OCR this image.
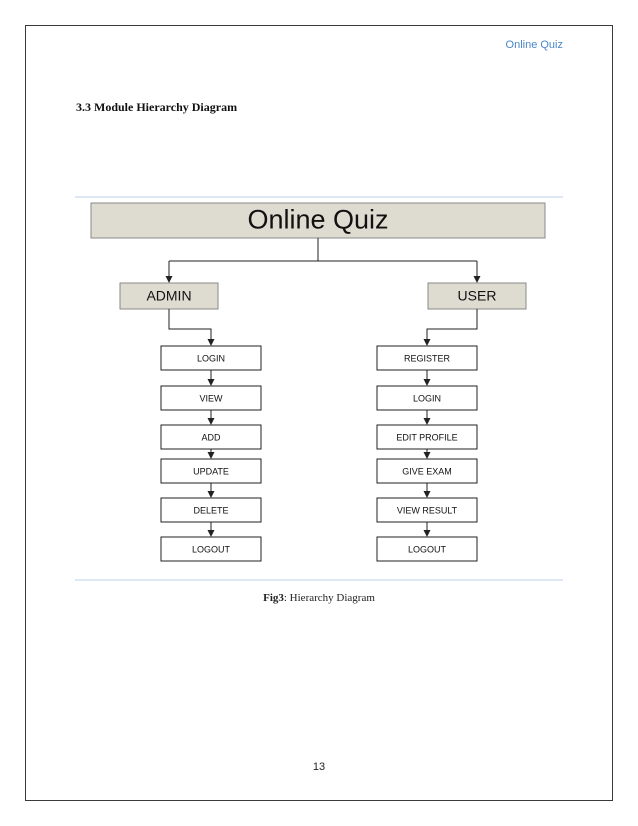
Online Quiz
3.3 Module Hierarchy Diagram
Online Quiz
ADMIN
LOGIN
VIEW
ADD
UPDATE
DELETE
LOGOUT
USER
REGISTER
LOGIN
EDIT PROFILE
GIVE EXAM
VIEW RESULT
LOGOUT
Fig3: Hierarchy Diagram
13
